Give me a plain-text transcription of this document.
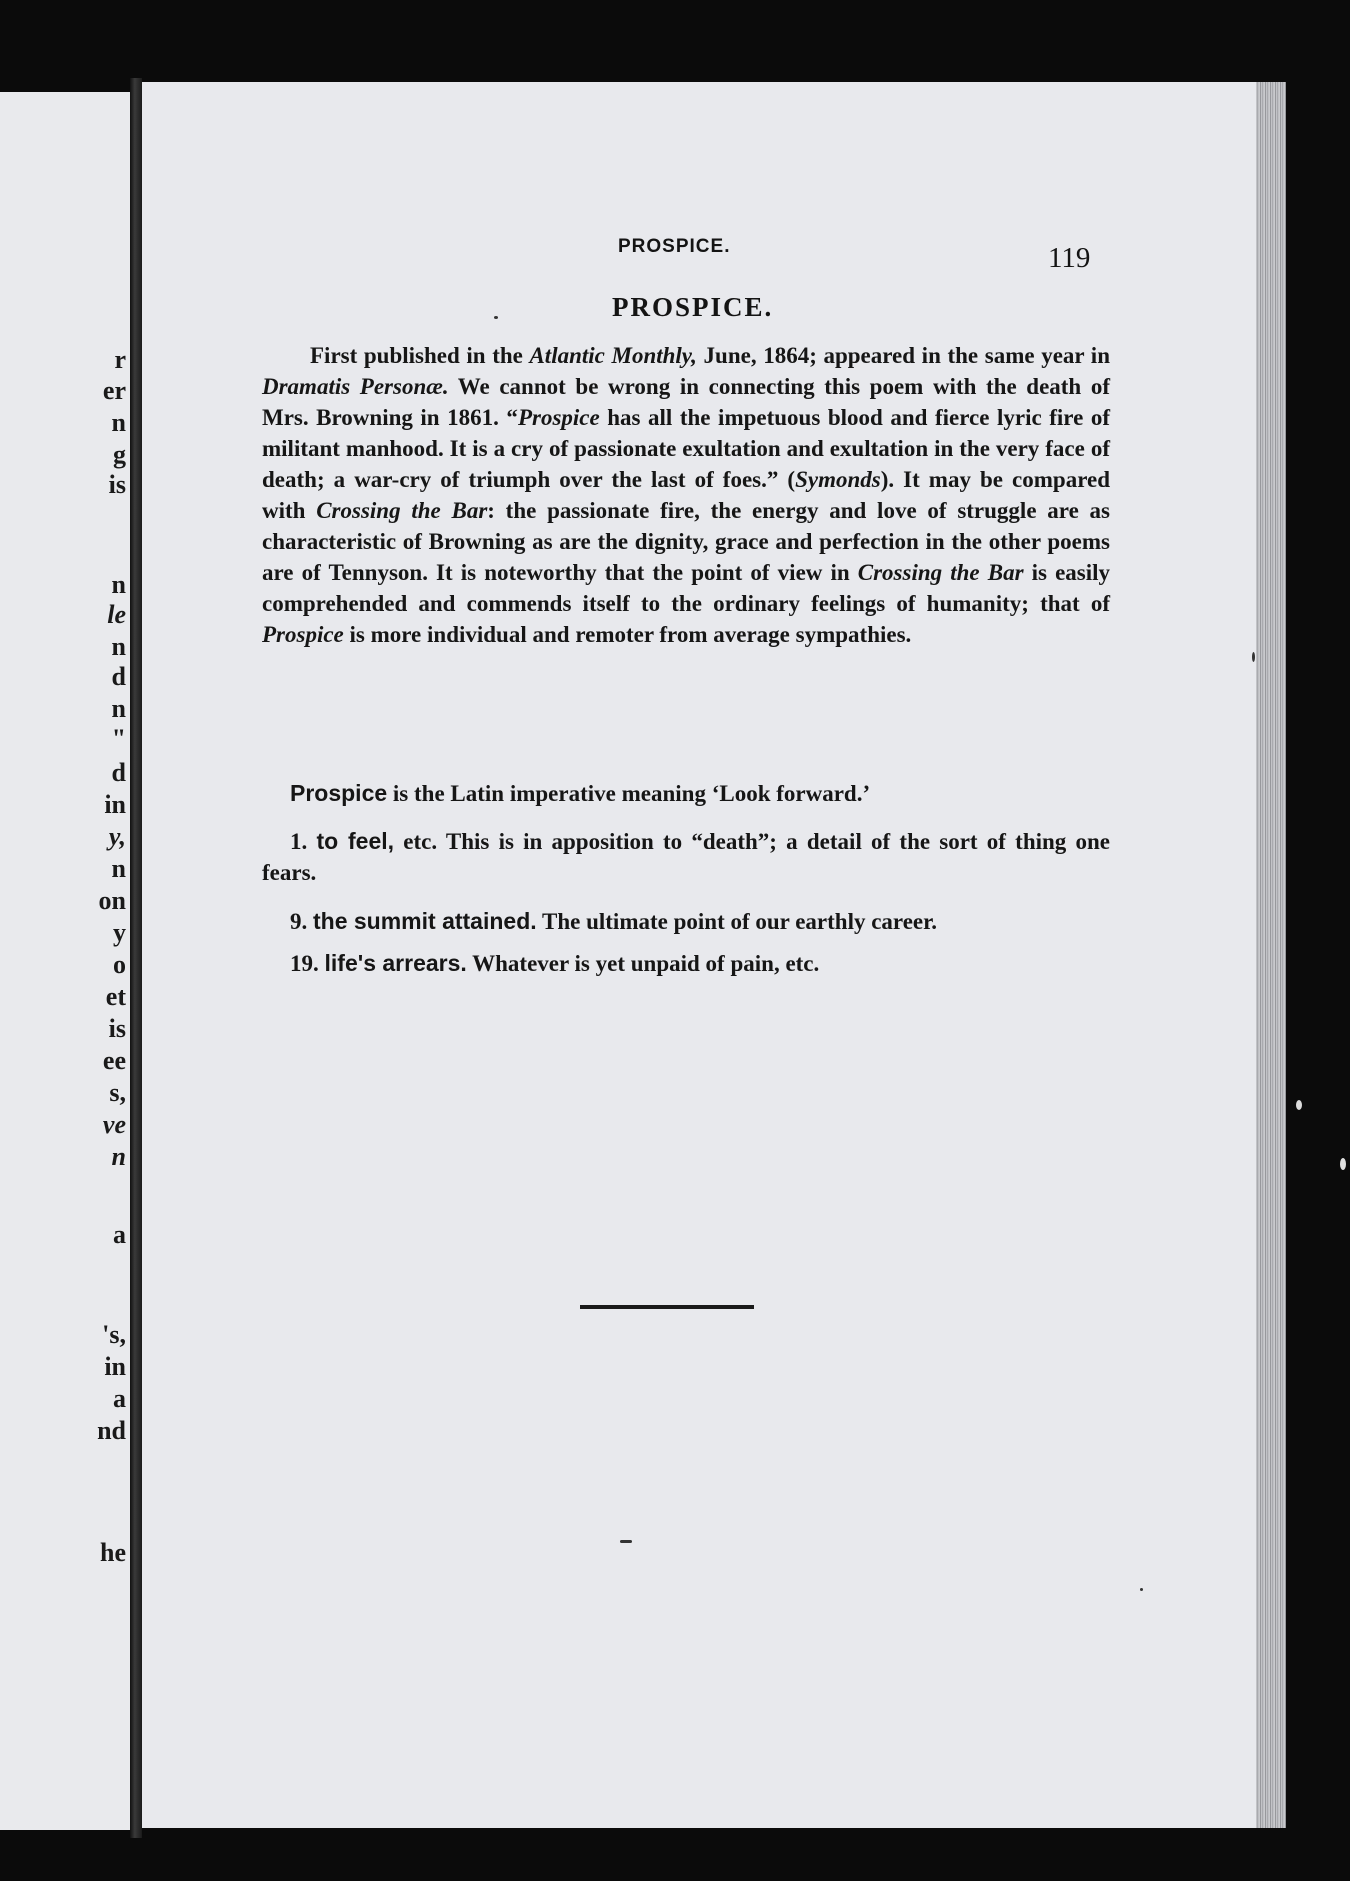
r
er
n
g
is
n
le
n
d
n
"
d
in
y,
n
on
y
o
et
is
ee
s,
ve
n
a
's,
in
a
nd
he
PROSPICE.	119
PROSPICE.

First published in the Atlantic Monthly, June, 1864; appeared in the same year in Dramatis Personæ. We cannot be wrong in connecting this poem with the death of Mrs. Browning in 1861. “Prospice has all the impetuous blood and fierce lyric fire of militant manhood. It is a cry of passionate exultation and exultation in the very face of death; a war-cry of triumph over the last of foes.” (Symonds). It may be compared with Crossing the Bar: the passionate fire, the energy and love of struggle are as characteristic of Browning as are the dignity, grace and perfection in the other poems are of Tennyson. It is noteworthy that the point of view in Crossing the Bar is easily comprehended and commends itself to the ordinary feelings of humanity; that of Prospice is more individual and remoter from average sympathies.

Prospice is the Latin imperative meaning ‘Look forward.’

1. to feel, etc. This is in apposition to “death”; a detail of the sort of thing one fears.

9. the summit attained. The ultimate point of our earthly career.

19. life's arrears. Whatever is yet unpaid of pain, etc.
